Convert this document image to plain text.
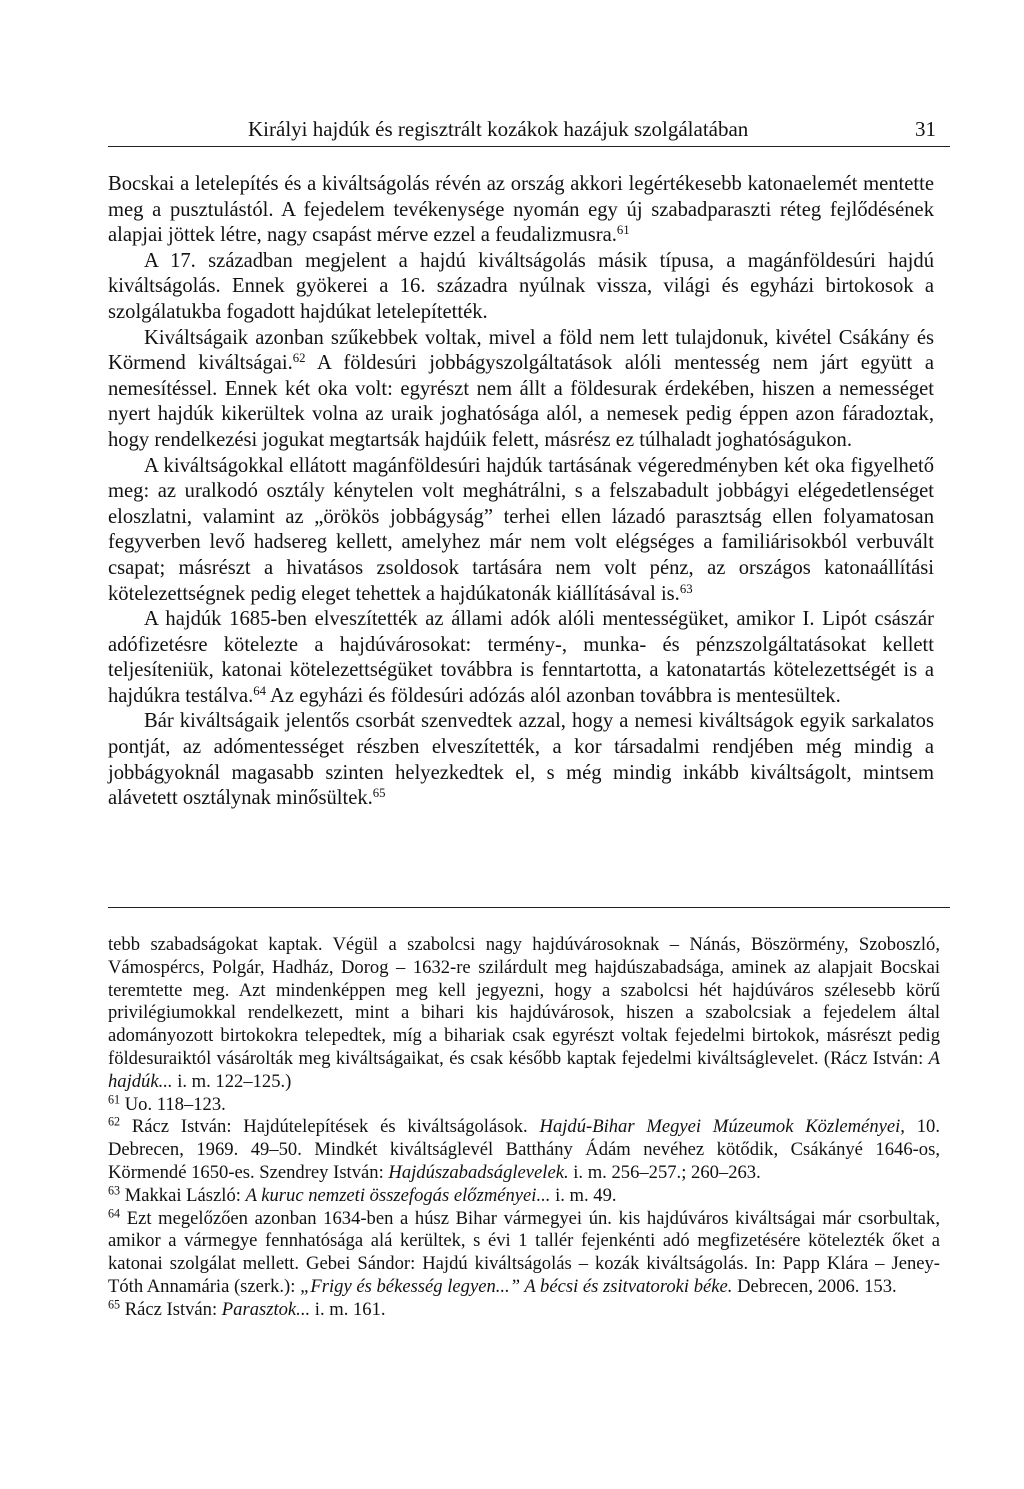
Királyi hajdúk és regisztrált kozákok hazájuk szolgálatában	31

Bocskai a letelepítés és a kiváltságolás révén az ország akkori legértékesebb katonaelemét mentette meg a pusztulástól. A fejedelem tevékenysége nyomán egy új szabadparaszti réteg fejlődésének alapjai jöttek létre, nagy csapást mérve ezzel a feudalizmusra.$^{61}$

A 17. században megjelent a hajdú kiváltságolás másik típusa, a magánföldesúri hajdú kiváltságolás. Ennek gyökerei a 16. századra nyúlnak vissza, világi és egyházi birtokosok a szolgálatukba fogadott hajdúkat letelepítették.

Kiváltságaik azonban szűkebbek voltak, mivel a föld nem lett tulajdonuk, kivétel Csákány és Körmend kiváltságai.$^{62}$ A földesúri jobbágyszolgáltatások alóli mentesség nem járt együtt a nemesítéssel. Ennek két oka volt: egyrészt nem állt a földesurak érdekében, hiszen a nemességet nyert hajdúk kikerültek volna az uraik joghatósága alól, a nemesek pedig éppen azon fáradoztak, hogy rendelkezési jogukat megtartsák hajdúik felett, másrész ez túlhaladt joghatóságukon.

A kiváltságokkal ellátott magánföldesúri hajdúk tartásának végeredményben két oka figyelhető meg: az uralkodó osztály kénytelen volt meghátrálni, s a felszabadult jobbágyi elégedetlenséget eloszlatni, valamint az „örökös jobbágyság” terhei ellen lázadó parasztság ellen folyamatosan fegyverben levő hadsereg kellett, amelyhez már nem volt elégséges a familiárisokból verbuvált csapat; másrészt a hivatásos zsoldosok tartására nem volt pénz, az országos katonaállítási kötelezettségnek pedig eleget tehettek a hajdúkatonák kiállításával is.$^{63}$

A hajdúk 1685-ben elveszítették az állami adók alóli mentességüket, amikor I. Lipót császár adófizetésre kötelezte a hajdúvárosokat: termény-, munka- és pénzszolgáltatásokat kellett teljesíteniük, katonai kötelezettségüket továbbra is fenntartotta, a katonatartás kötelezettségét is a hajdúkra testálva.$^{64}$ Az egyházi és földesúri adózás alól azonban továbbra is mentesültek.

Bár kiváltságaik jelentős csorbát szenvedtek azzal, hogy a nemesi kiváltságok egyik sarkalatos pontját, az adómentességet részben elveszítették, a kor társadalmi rendjében még mindig a jobbágyoknál magasabb szinten helyezkedtek el, s még mindig inkább kiváltságolt, mintsem alávetett osztálynak minősültek.$^{65}$

tebb szabadságokat kaptak. Végül a szabolcsi nagy hajdúvárosoknak – Nánás, Böszörmény, Szoboszló, Vámospércs, Polgár, Hadház, Dorog – 1632-re szilárdult meg hajdúszabadsága, aminek az alapjait Bocskai teremtette meg. Azt mindenképpen meg kell jegyezni, hogy a szabolcsi hét hajdúváros szélesebb körű privilégiumokkal rendelkezett, mint a bihari kis hajdúvárosok, hiszen a szabolcsiak a fejedelem által adományozott birtokokra telepedtek, míg a bihariak csak egyrészt voltak fejedelmi birtokok, másrészt pedig földesuraiktól vásárolták meg kiváltságaikat, és csak később kaptak fejedelmi kiváltságlevelet. (Rácz István: A hajdúk... i. m. 122–125.)

$^{61}$ Uo. 118–123.

$^{62}$ Rácz István: Hajdútelepítések és kiváltságolások. Hajdú-Bihar Megyei Múzeumok Közleményei, 10. Debrecen, 1969. 49–50. Mindkét kiváltságlevél Batthány Ádám nevéhez kötődik, Csákányé 1646-os, Körmendé 1650-es. Szendrey István: Hajdúszabadságlevelek. i. m. 256–257.; 260–263.

$^{63}$ Makkai László: A kuruc nemzeti összefogás előzményei... i. m. 49.

$^{64}$ Ezt megelőzően azonban 1634-ben a húsz Bihar vármegyei ún. kis hajdúváros kiváltságai már csorbultak, amikor a vármegye fennhatósága alá kerültek, s évi 1 tallér fejenkénti adó megfizetésére kötelezték őket a katonai szolgálat mellett. Gebei Sándor: Hajdú kiváltságolás – kozák kiváltságolás. In: Papp Klára – Jeney-Tóth Annamária (szerk.): „Frigy és békesség legyen...” A bécsi és zsitvatoroki béke. Debrecen, 2006. 153.

$^{65}$ Rácz István: Parasztok... i. m. 161.
